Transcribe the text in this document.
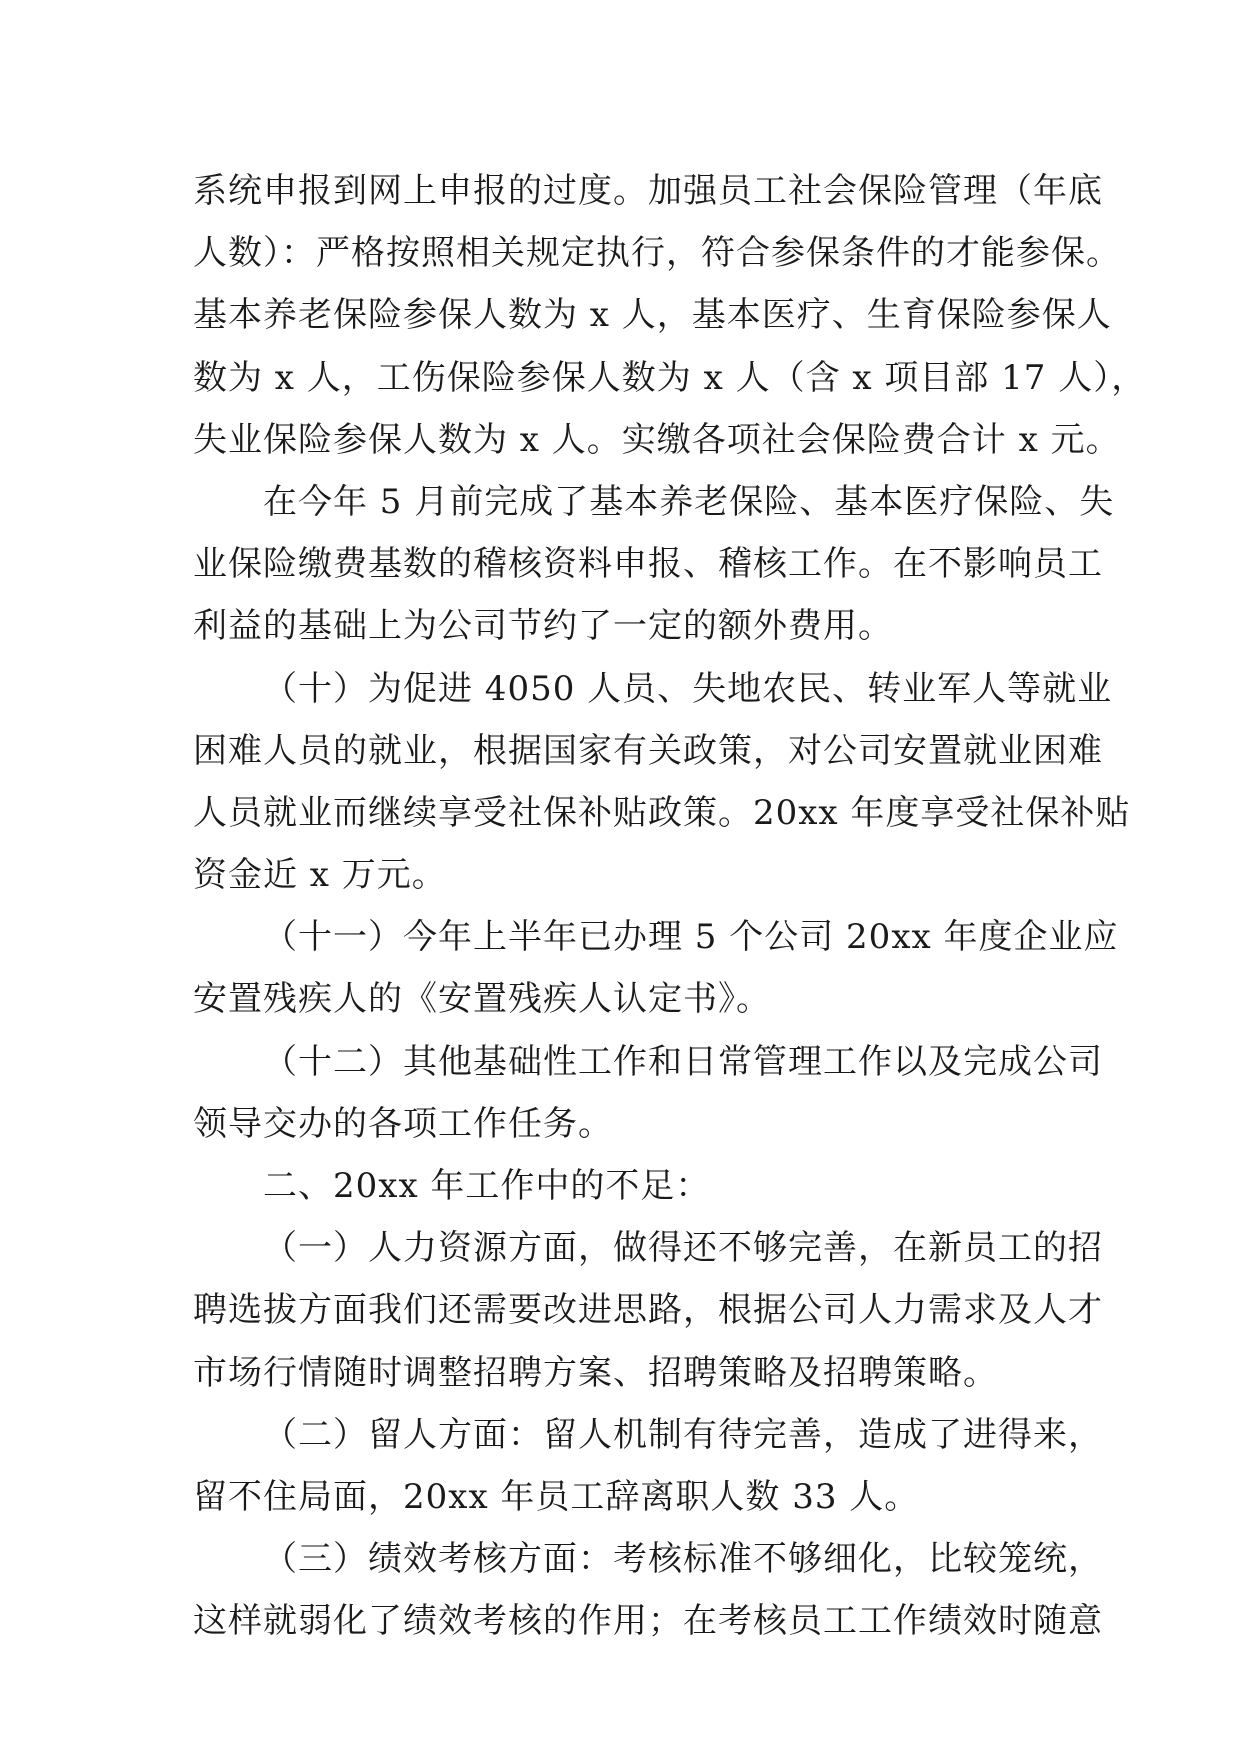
系统申报到网上申报的过度。加强员工社会保险管理（年底
人数）：严格按照相关规定执行，符合参保条件的才能参保。
基本养老保险参保人数为 x 人，基本医疗、生育保险参保人
数为 x 人，工伤保险参保人数为 x 人（含 x 项目部 17 人），
失业保险参保人数为 x 人。实缴各项社会保险费合计 x 元。
在今年 5 月前完成了基本养老保险、基本医疗保险、失
业保险缴费基数的稽核资料申报、稽核工作。在不影响员工
利益的基础上为公司节约了一定的额外费用。
（十）为促进 4050 人员、失地农民、转业军人等就业
困难人员的就业，根据国家有关政策，对公司安置就业困难
人员就业而继续享受社保补贴政策。20xx 年度享受社保补贴
资金近 x 万元。
（十一）今年上半年已办理 5 个公司 20xx 年度企业应
安置残疾人的《安置残疾人认定书》。
（十二）其他基础性工作和日常管理工作以及完成公司
领导交办的各项工作任务。
二、20xx 年工作中的不足：
（一）人力资源方面，做得还不够完善，在新员工的招
聘选拔方面我们还需要改进思路，根据公司人力需求及人才
市场行情随时调整招聘方案、招聘策略及招聘策略。
（二）留人方面：留人机制有待完善，造成了进得来，
留不住局面，20xx 年员工辞离职人数 33 人。
（三）绩效考核方面：考核标准不够细化，比较笼统，
这样就弱化了绩效考核的作用；在考核员工工作绩效时随意
